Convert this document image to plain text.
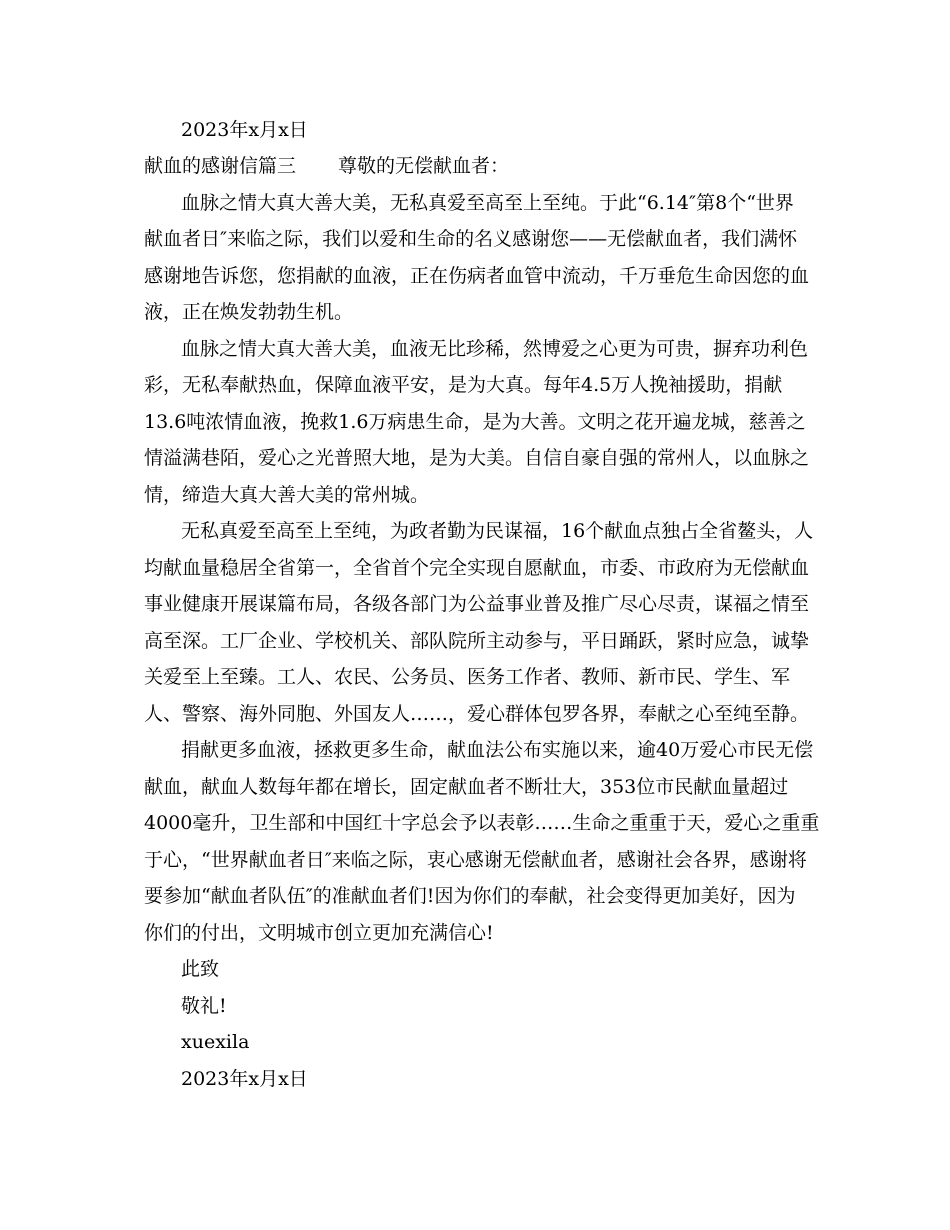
2023年x月x日
献血的感谢信篇三 尊敬的无偿献血者：
血脉之情大真大善大美，无私真爱至高至上至纯。于此“6.14″第8个“世界
献血者日″来临之际，我们以爱和生命的名义感谢您——无偿献血者，我们满怀
感谢地告诉您，您捐献的血液，正在伤病者血管中流动，千万垂危生命因您的血
液，正在焕发勃勃生机。
血脉之情大真大善大美，血液无比珍稀，然博爱之心更为可贵，摒弃功利色
彩，无私奉献热血，保障血液平安，是为大真。每年4.5万人挽袖援助，捐献
13.6吨浓情血液，挽救1.6万病患生命，是为大善。文明之花开遍龙城，慈善之
情溢满巷陌，爱心之光普照大地，是为大美。自信自豪自强的常州人，以血脉之
情，缔造大真大善大美的常州城。
无私真爱至高至上至纯，为政者勤为民谋福，16个献血点独占全省鳌头，人
均献血量稳居全省第一，全省首个完全实现自愿献血，市委、市政府为无偿献血
事业健康开展谋篇布局，各级各部门为公益事业普及推广尽心尽责，谋福之情至
高至深。工厂企业、学校机关、部队院所主动参与，平日踊跃，紧时应急，诚挚
关爱至上至臻。工人、农民、公务员、医务工作者、教师、新市民、学生、军
人、警察、海外同胞、外国友人……，爱心群体包罗各界，奉献之心至纯至静。
捐献更多血液，拯救更多生命，献血法公布实施以来，逾40万爱心市民无偿
献血，献血人数每年都在增长，固定献血者不断壮大，353位市民献血量超过
4000毫升，卫生部和中国红十字总会予以表彰……生命之重重于天，爱心之重重
于心，“世界献血者日″来临之际，衷心感谢无偿献血者，感谢社会各界，感谢将
要参加“献血者队伍″的准献血者们!因为你们的奉献，社会变得更加美好，因为
你们的付出，文明城市创立更加充满信心!
此致
敬礼!
xuexila
2023年x月x日
